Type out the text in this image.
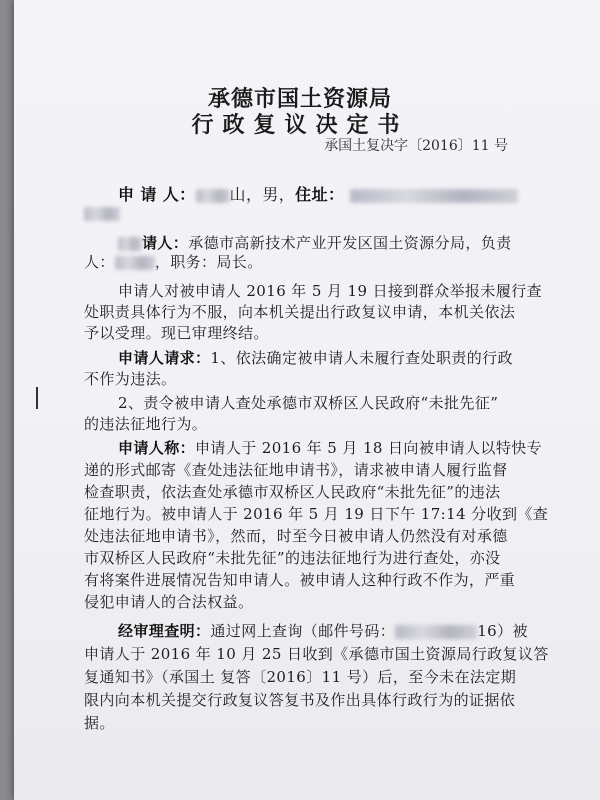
承德市国土资源局
行政复议决定书
承国土复决字〔2016〕11 号
申 请 人： 山，男，住址：
请人：承德市高新技术产业开发区国土资源分局，负责
人：	，职务：局长。
申请人对被申请人 2016 年 5 月 19 日接到群众举报未履行查
处职责具体行为不服，向本机关提出行政复议申请，本机关依法
予以受理。现已审理终结。
申请人请求：1、依法确定被申请人未履行查处职责的行政
不作为违法。
2、责令被申请人查处承德市双桥区人民政府“未批先征”
的违法征地行为。
申请人称：申请人于 2016 年 5 月 18 日向被申请人以特快专
递的形式邮寄《查处违法征地申请书》，请求被申请人履行监督
检查职责，依法查处承德市双桥区人民政府“未批先征”的违法
征地行为。被申请人于 2016 年 5 月 19 日下午 17:14 分收到《查
处违法征地申请书》，然而，时至今日被申请人仍然没有对承德
市双桥区人民政府“未批先征”的违法征地行为进行查处，亦没
有将案件进展情况告知申请人。被申请人这种行政不作为，严重
侵犯申请人的合法权益。
经审理查明：通过网上查询（邮件号码：	16）被
申请人于 2016 年 10 月 25 日收到《承德市国土资源局行政复议答
复通知书》（承国土 复答〔2016〕11 号）后，至今未在法定期
限内向本机关提交行政复议答复书及作出具体行政行为的证据依
据。
